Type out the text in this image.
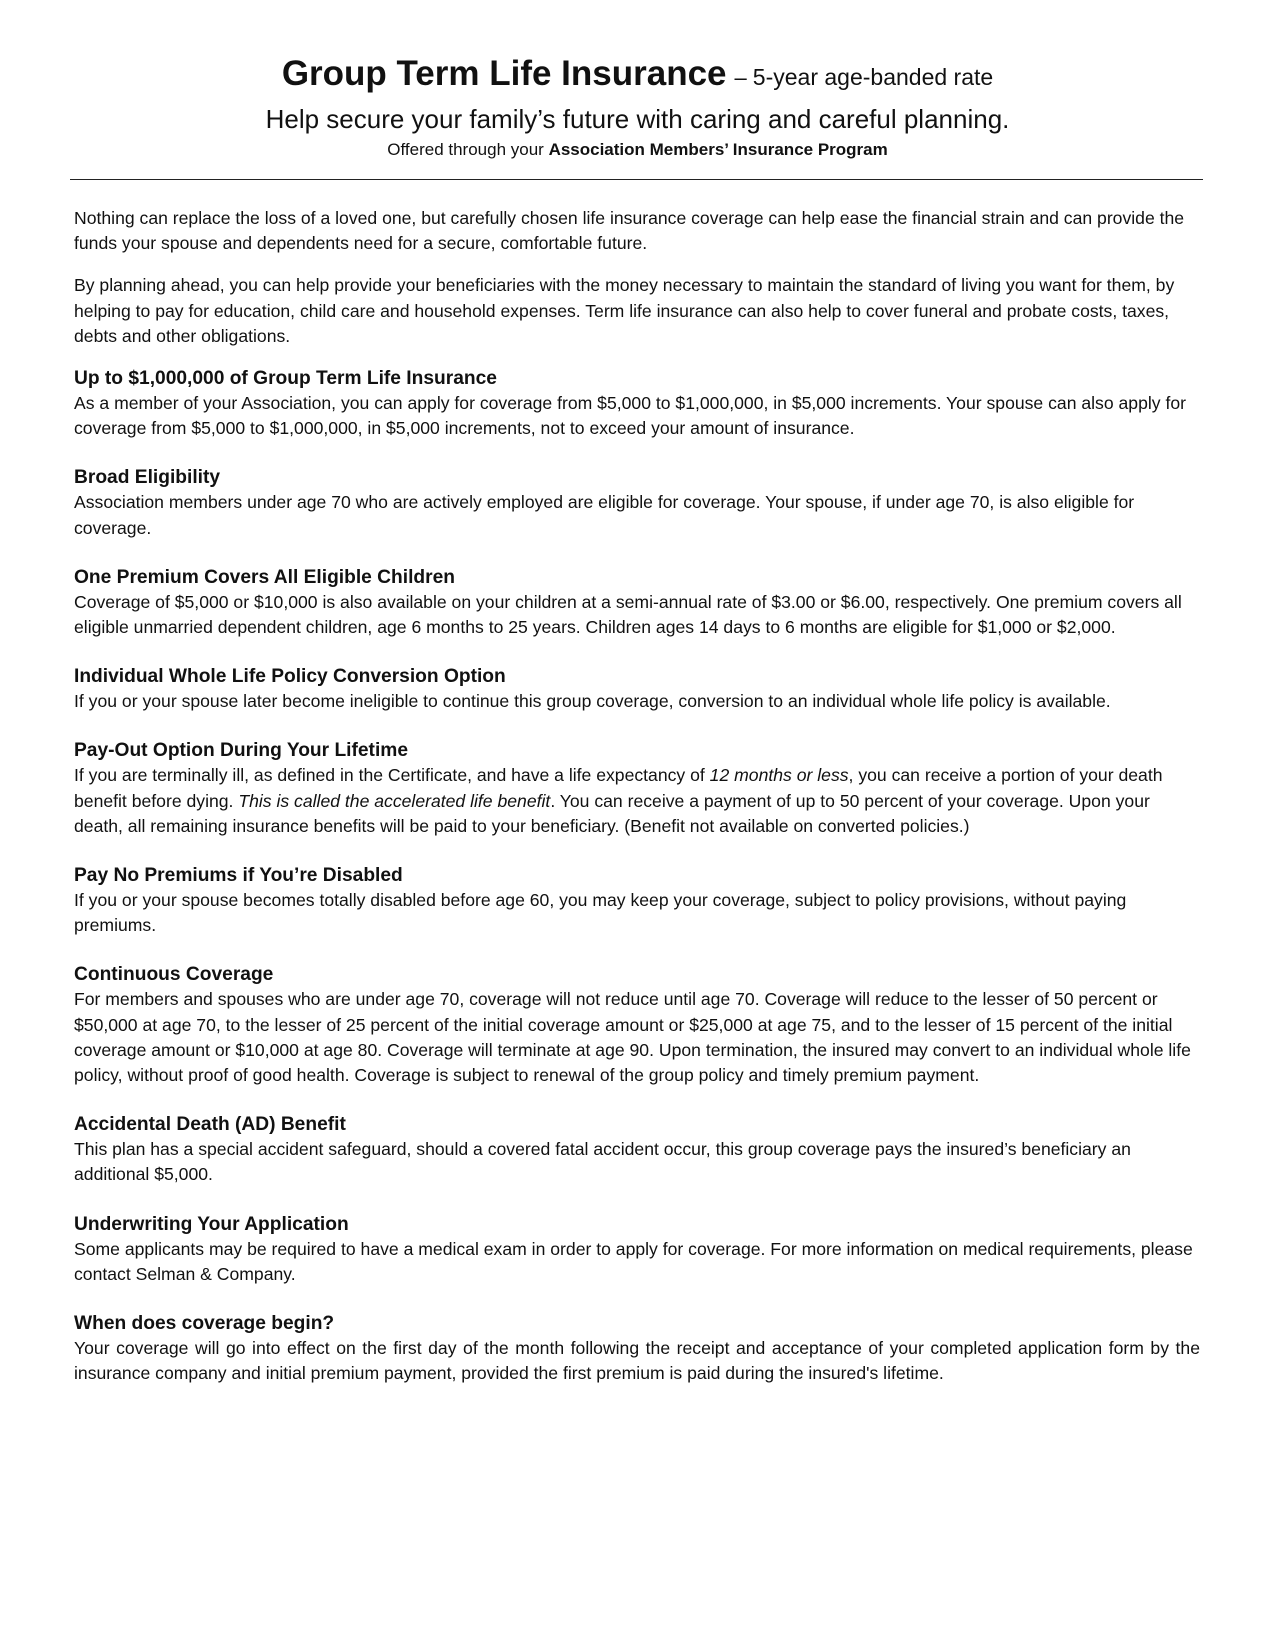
Group Term Life Insurance – 5-year age-banded rate

Help secure your family’s future with caring and careful planning.

Offered through your Association Members’ Insurance Program

Nothing can replace the loss of a loved one, but carefully chosen life insurance coverage can help ease the financial strain and can provide the funds your spouse and dependents need for a secure, comfortable future.

By planning ahead, you can help provide your beneficiaries with the money necessary to maintain the standard of living you want for them, by helping to pay for education, child care and household expenses. Term life insurance can also help to cover funeral and probate costs, taxes, debts and other obligations.

Up to $1,000,000 of Group Term Life Insurance

As a member of your Association, you can apply for coverage from $5,000 to $1,000,000, in $5,000 increments. Your spouse can also apply for coverage from $5,000 to $1,000,000, in $5,000 increments, not to exceed your amount of insurance.

Broad Eligibility

Association members under age 70 who are actively employed are eligible for coverage. Your spouse, if under age 70, is also eligible for coverage.

One Premium Covers All Eligible Children

Coverage of $5,000 or $10,000 is also available on your children at a semi-annual rate of $3.00 or $6.00, respectively. One premium covers all eligible unmarried dependent children, age 6 months to 25 years. Children ages 14 days to 6 months are eligible for $1,000 or $2,000.

Individual Whole Life Policy Conversion Option

If you or your spouse later become ineligible to continue this group coverage, conversion to an individual whole life policy is available.

Pay-Out Option During Your Lifetime

If you are terminally ill, as defined in the Certificate, and have a life expectancy of 12 months or less, you can receive a portion of your death benefit before dying. This is called the accelerated life benefit. You can receive a payment of up to 50 percent of your coverage. Upon your death, all remaining insurance benefits will be paid to your beneficiary. (Benefit not available on converted policies.)

Pay No Premiums if You’re Disabled

If you or your spouse becomes totally disabled before age 60, you may keep your coverage, subject to policy provisions, without paying premiums.

Continuous Coverage

For members and spouses who are under age 70, coverage will not reduce until age 70. Coverage will reduce to the lesser of 50 percent or $50,000 at age 70, to the lesser of 25 percent of the initial coverage amount or $25,000 at age 75, and to the lesser of 15 percent of the initial coverage amount or $10,000 at age 80. Coverage will terminate at age 90. Upon termination, the insured may convert to an individual whole life policy, without proof of good health. Coverage is subject to renewal of the group policy and timely premium payment.

Accidental Death (AD) Benefit

This plan has a special accident safeguard, should a covered fatal accident occur, this group coverage pays the insured’s beneficiary an additional $5,000.

Underwriting Your Application

Some applicants may be required to have a medical exam in order to apply for coverage. For more information on medical requirements, please contact Selman & Company.

When does coverage begin?

Your coverage will go into effect on the first day of the month following the receipt and acceptance of your completed application form by the insurance company and initial premium payment, provided the first premium is paid during the insured's lifetime.
